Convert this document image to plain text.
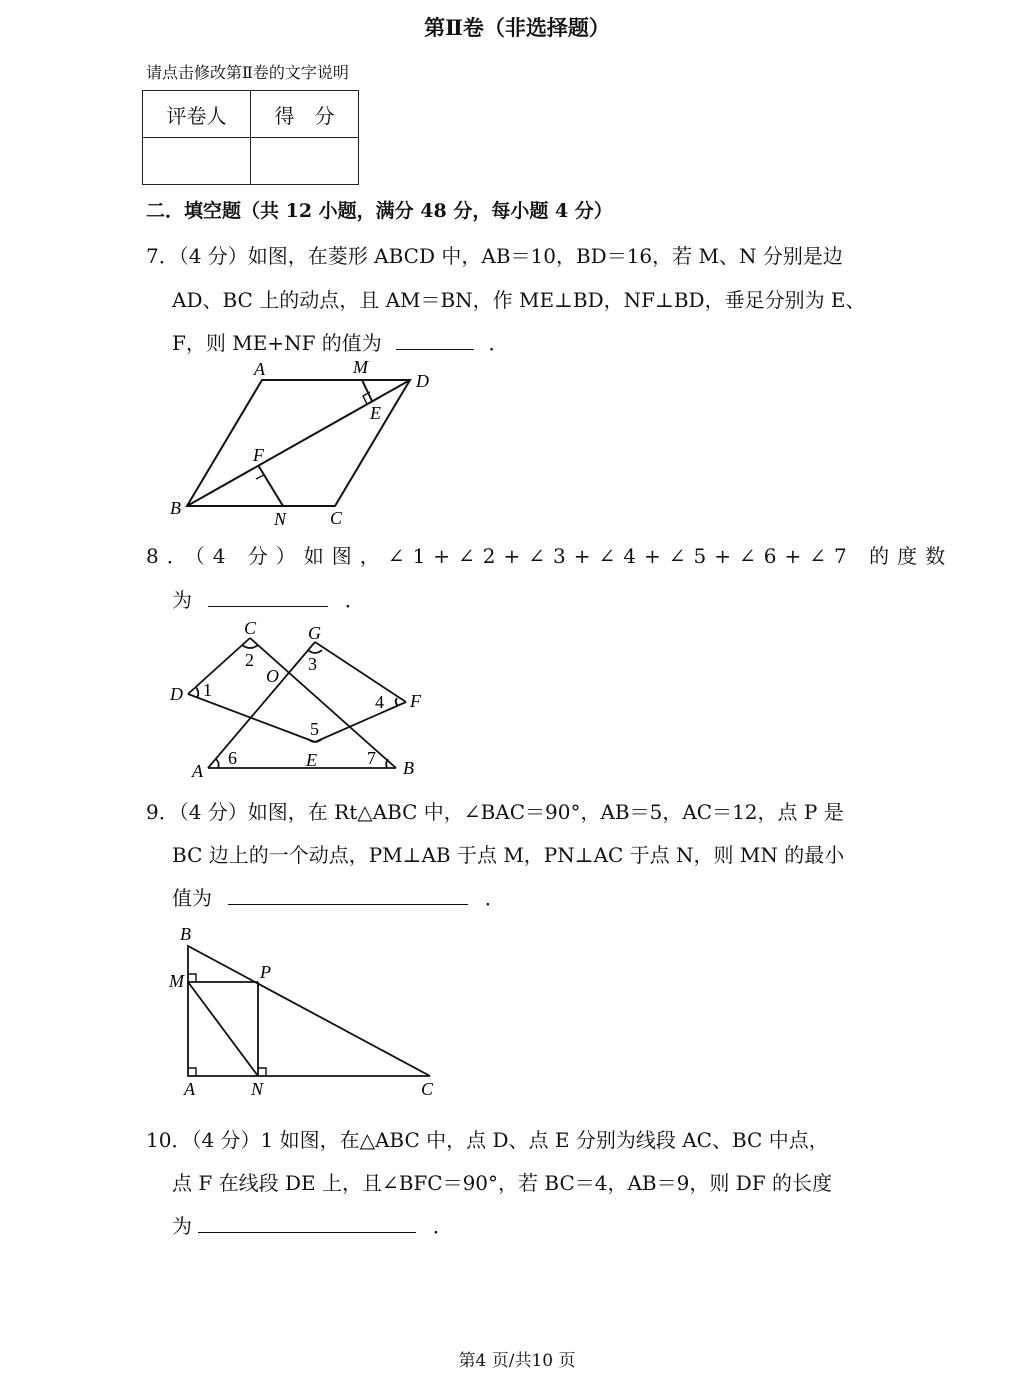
第Ⅱ卷（非选择题）
请点击修改第Ⅱ卷的文字说明
评卷人	得　分

二．填空题（共 12 小题，满分 48 分，每小题 4 分）
7．（4 分）如图，在菱形 ABCD 中，AB＝10，BD＝16，若 M、N 分别是边
AD、BC 上的动点，且 AM＝BN，作 ME⊥BD，NF⊥BD，垂足分别为 E、
F，则 ME+NF 的值为	．
A	M
D
E
F
B
N C
8．（4 分）如图，∠1+∠2+∠3+∠4+∠5+∠6+∠7 的度数
为	．
C	G
O
D	F
A
E	B
1
2	3
4
5
6	7
9．（4 分）如图，在 Rt△ABC 中，∠BAC＝90°，AB＝5，AC＝12，点 P 是
BC 边上的一个动点，PM⊥AB 于点 M，PN⊥AC 于点 N，则 MN 的最小
值为	．
B
M	P
A	N	C
10．（4 分）1 如图，在△ABC 中，点 D、点 E 分别为线段 AC、BC 中点，
点 F 在线段 DE 上，且∠BFC＝90°，若 BC＝4，AB＝9，则 DF 的长度
为	．
第4 页/共10 页
